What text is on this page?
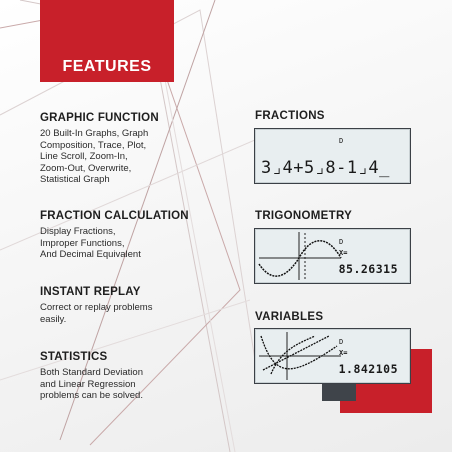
FEATURES
GRAPHIC FUNCTION

20 Built-In Graphs, Graph
Composition, Trace, Plot,
Line Scroll, Zoom-In,
Zoom-Out, Overwrite,
Statistical Graph

FRACTION CALCULATION

Display Fractions,
Improper Functions,
And Decimal Equivalent

INSTANT REPLAY

Correct or replay problems
easily.

STATISTICS

Both Standard Deviation
and Linear Regression
problems can be solved.

FRACTIONS
D
3⌟4+5⌟8-1⌟4_
TRIGONOMETRY
D
X=
85.26315
VARIABLES
D
X=
1.842105
